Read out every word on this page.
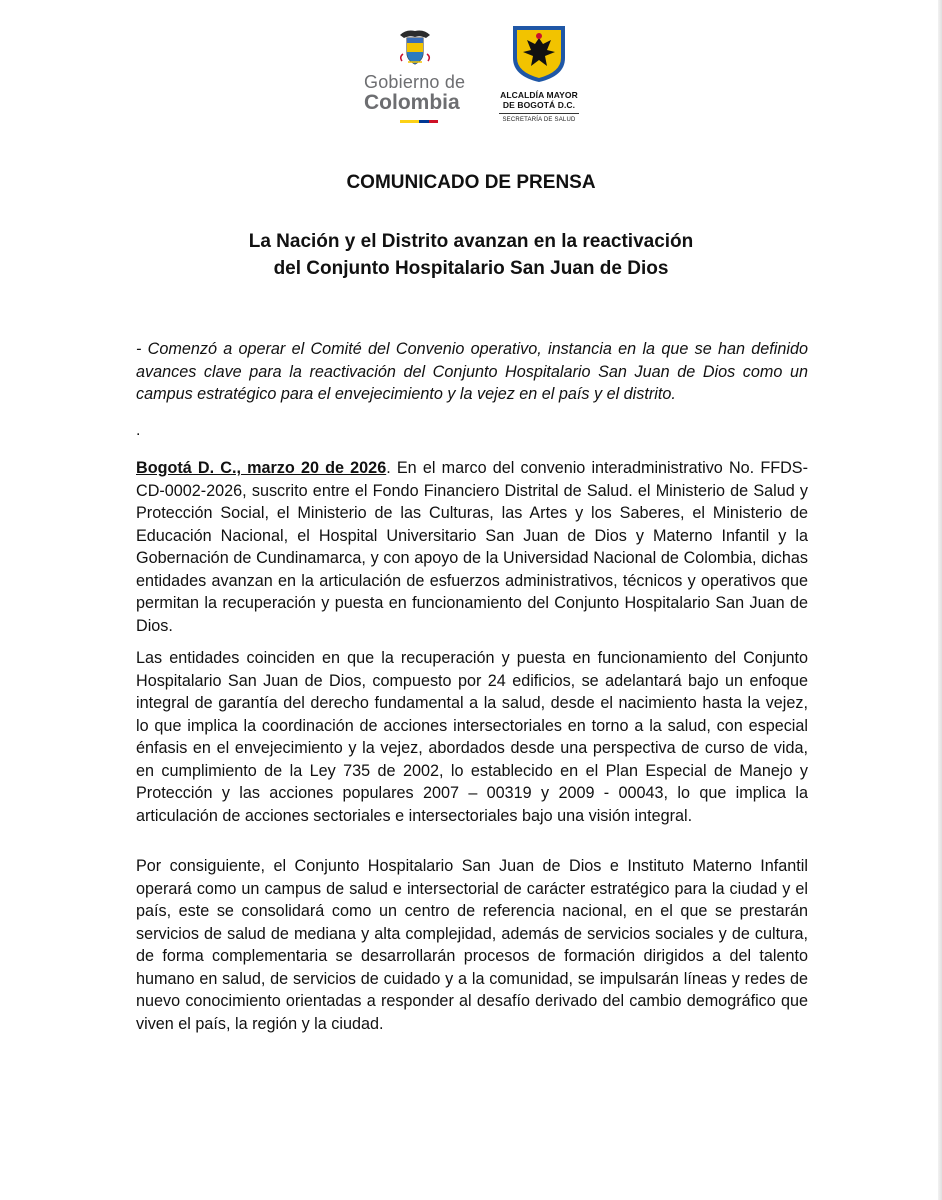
Gobierno de
Colombia	ALCALDÍA MAYOR
DE BOGOTÁ D.C.
SECRETARÍA DE SALUD
COMUNICADO DE PRENSA
La Nación y el Distrito avanzan en la reactivación
del Conjunto Hospitalario San Juan de Dios
- Comenzó a operar el Comité del Convenio operativo, instancia en la que se han definido avances clave para la reactivación del Conjunto Hospitalario San Juan de Dios como un campus estratégico para el envejecimiento y la vejez en el país y el distrito.
.

Bogotá D. C., marzo 20 de 2026. En el marco del convenio interadministrativo No. FFDS-CD-0002-2026, suscrito entre el Fondo Financiero Distrital de Salud. el Ministerio de Salud y Protección Social, el Ministerio de las Culturas, las Artes y los Saberes, el Ministerio de Educación Nacional, el Hospital Universitario San Juan de Dios y Materno Infantil y la Gobernación de Cundinamarca, y con apoyo de la Universidad Nacional de Colombia, dichas entidades avanzan en la articulación de esfuerzos administrativos, técnicos y operativos que permitan la recuperación y puesta en funcionamiento del Conjunto Hospitalario San Juan de Dios.

Las entidades coinciden en que la recuperación y puesta en funcionamiento del Conjunto Hospitalario San Juan de Dios, compuesto por 24 edificios, se adelantará bajo un enfoque integral de garantía del derecho fundamental a la salud, desde el nacimiento hasta la vejez, lo que implica la coordinación de acciones intersectoriales en torno a la salud, con especial énfasis en el envejecimiento y la vejez, abordados desde una perspectiva de curso de vida, en cumplimiento de la Ley 735 de 2002, lo establecido en el Plan Especial de Manejo y Protección y las acciones populares 2007 – 00319 y 2009 - 00043, lo que implica la articulación de acciones sectoriales e intersectoriales bajo una visión integral.

Por consiguiente, el Conjunto Hospitalario San Juan de Dios e Instituto Materno Infantil operará como un campus de salud e intersectorial de carácter estratégico para la ciudad y el país, este se consolidará como un centro de referencia nacional, en el que se prestarán servicios de salud de mediana y alta complejidad, además de servicios sociales y de cultura, de forma complementaria se desarrollarán procesos de formación dirigidos a del talento humano en salud, de servicios de cuidado y a la comunidad, se impulsarán líneas y redes de nuevo conocimiento orientadas a responder al desafío derivado del cambio demográfico que viven el país, la región y la ciudad.
